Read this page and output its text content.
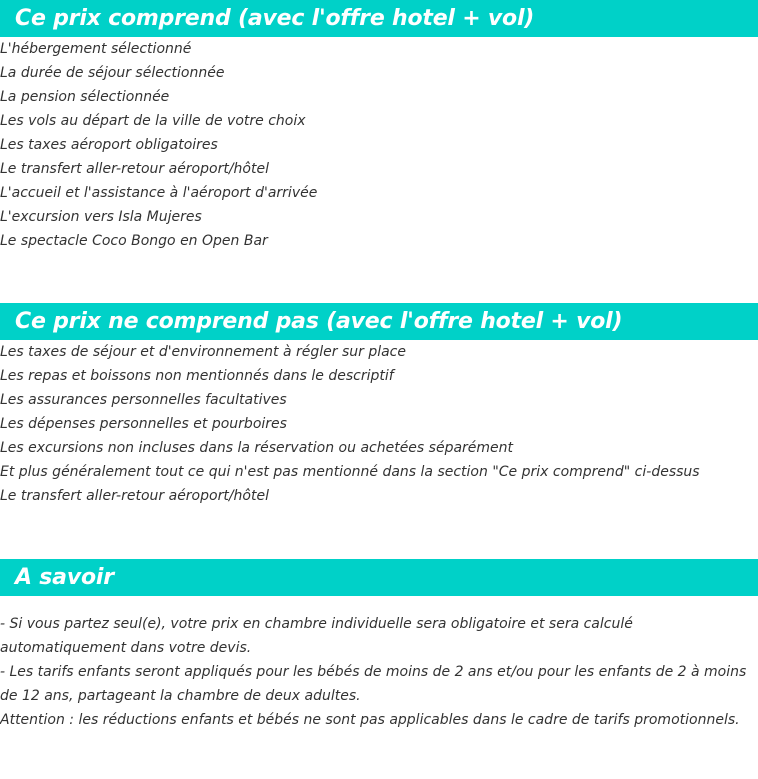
Ce prix comprend (avec l'offre hotel + vol)
L'hébergement sélectionné
La durée de séjour sélectionnée
La pension sélectionnée
Les vols au départ de la ville de votre choix
Les taxes aéroport obligatoires
Le transfert aller-retour aéroport/hôtel
L'accueil et l'assistance à l'aéroport d'arrivée
L'excursion vers Isla Mujeres
Le spectacle Coco Bongo en Open Bar
Ce prix ne comprend pas (avec l'offre hotel + vol)
Les taxes de séjour et d'environnement à régler sur place
Les repas et boissons non mentionnés dans le descriptif
Les assurances personnelles facultatives
Les dépenses personnelles et pourboires
Les excursions non incluses dans la réservation ou achetées séparément
Et plus généralement tout ce qui n'est pas mentionné dans la section "Ce prix comprend" ci-dessus
Le transfert aller-retour aéroport/hôtel
A savoir

- Si vous partez seul(e), votre prix en chambre individuelle sera obligatoire et sera calculé automatiquement dans votre devis.

- Les tarifs enfants seront appliqués pour les bébés de moins de 2 ans et/ou pour les enfants de 2 à moins de 12 ans, partageant la chambre de deux adultes.

Attention : les réductions enfants et bébés ne sont pas applicables dans le cadre de tarifs promotionnels.
